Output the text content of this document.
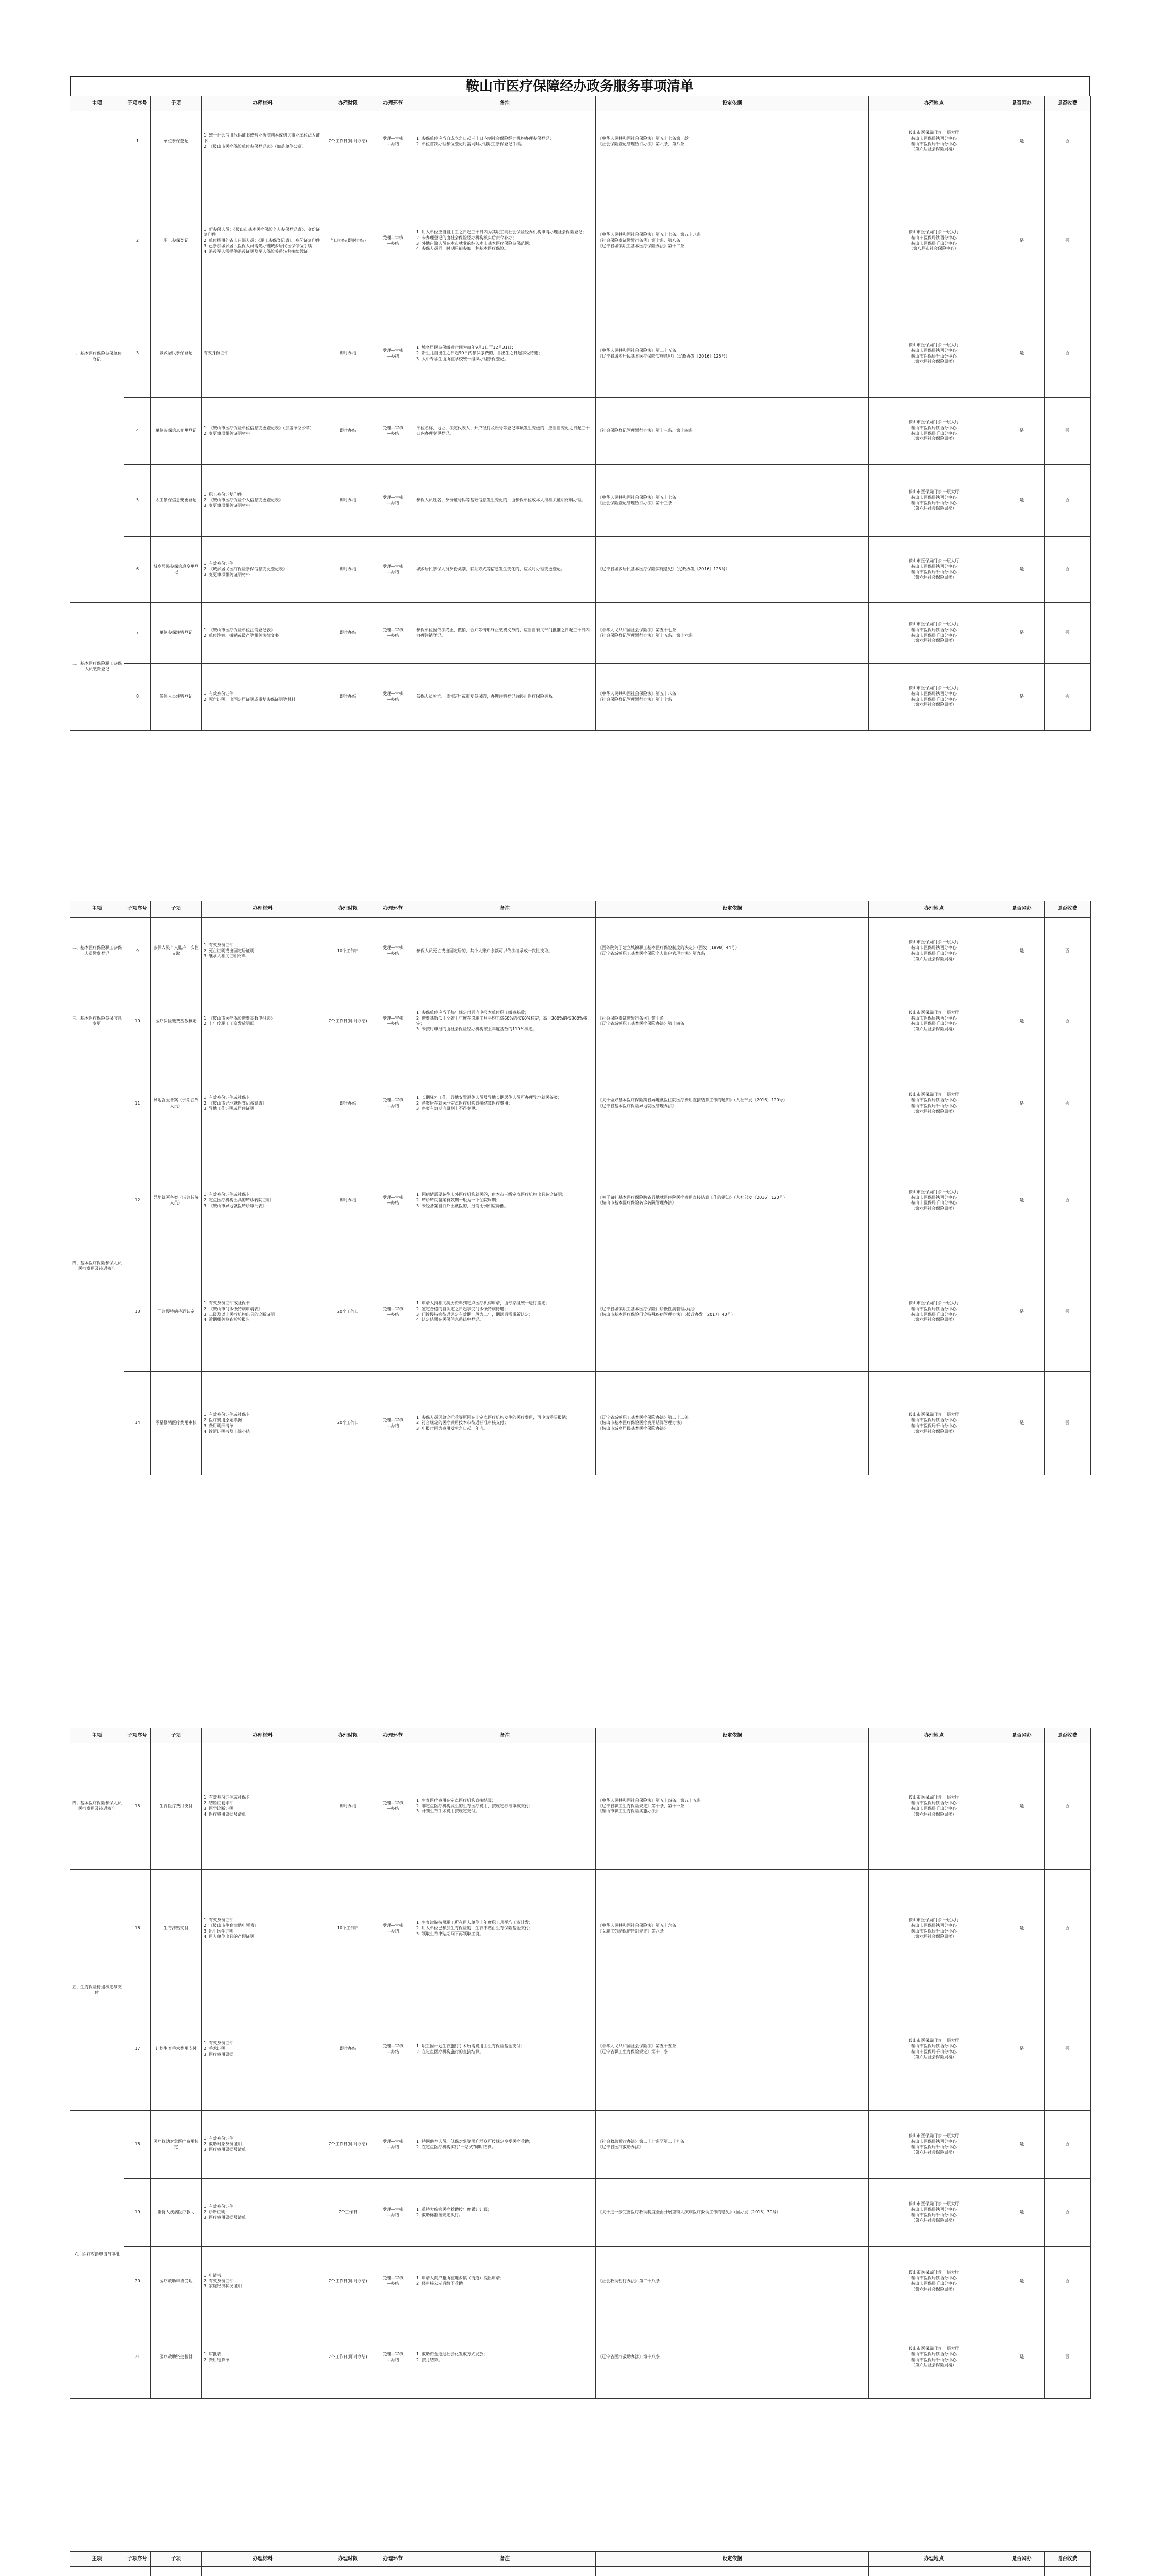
鞍山市医疗保障经办政务服务事项清单
主项	子项序号	子项	办理材料	办理时限	办理环节	备注	设定依据	办理地点	是否网办	是否收费
一、基本医疗保险参保单位登记	1	单位参保登记	1. 统一社会信用代码证书或营业执照副本或机关事业单位法人证书
2. 《鞍山市医疗保险单位参保登记表》（加盖单位公章）	7个工作日(即时办结)	受理—审核
—办结	1. 参保单位应当自成立之日起三十日内到社会保险经办机构办理参保登记；
2. 单位首次办理参保登记时需同时办理职工参保登记手续。	《中华人民共和国社会保险法》第五十七条第一款
《社会保险登记管理暂行办法》第六条、第八条	鞍山市医保局门诊 一层大厅
鞍山市医保局铁西分中心
鞍山市医保局千山分中心
（第六届社会保险局楼）	是	否
	2	职工参保登记	1. 新参保人员：《鞍山市基本医疗保险个人参保登记表》、身份证复印件
2. 单位招用外省市户籍人员：《职工参保登记表》、身份证复印件
3. 已参加城乡居民医保人员需先办理城乡居民医保停保手续
4. 退役军人需提供退役证明及军人保险关系转移接续凭证	当日办结(即时办结)	受理—审核
—办结	1. 用人单位应当自用工之日起三十日内为其职工向社会保险经办机构申请办理社会保险登记；
2. 未办理登记的由社会保险经办机构核实后责令补办；
3. 外地户籍人员在本市就业的纳入本市基本医疗保险参保范围；
4. 参保人员同一时期只能参加一种基本医疗保险。	《中华人民共和国社会保险法》第五十七条、第五十八条
《社会保险费征缴暂行条例》第七条、第八条
《辽宁省城镇职工基本医疗保险办法》第十二条	鞍山市医保局门诊 一层大厅
鞍山市医保局铁西分中心
鞍山市医保局千山分中心
（第八届市社会保险中心）	是	否
	3	城乡居民参保登记	有效身份证件	即时办结	受理—审核
—办结	1. 城乡居民参保缴费时间为每年9月1日至12月31日；
2. 新生儿自出生之日起90日内参保缴费的，自出生之日起享受待遇；
3. 大中专学生由所在学校统一组织办理参保登记。	《中华人民共和国社会保险法》第二十五条
《辽宁省城乡居民基本医疗保险实施意见》（辽政办发〔2016〕125号）	鞍山市医保局门诊 一层大厅
鞍山市医保局铁西分中心
鞍山市医保局千山分中心
（第六届社会保险局楼）	是	否
	4	单位参保信息变更登记	1. 《鞍山市医疗保险单位信息变更登记表》（加盖单位公章）
2. 变更事项相关证明材料	即时办结	受理—审核
—办结	单位名称、地址、法定代表人、开户银行及账号等登记事项发生变更的，应当自变更之日起三十日内办理变更登记。	《社会保险登记管理暂行办法》第十三条、第十四条	鞍山市医保局门诊 一层大厅
鞍山市医保局铁西分中心
鞍山市医保局千山分中心
（第六届社会保险局楼）	是	否
	5	职工参保信息变更登记	1. 职工身份证复印件
2. 《鞍山市医疗保险个人信息变更登记表》
3. 变更事项相关证明材料	即时办结	受理—审核
—办结	参保人员姓名、身份证号码等基础信息发生变更的，由参保单位或本人持相关证明材料办理。	《中华人民共和国社会保险法》第五十七条
《社会保险登记管理暂行办法》第十三条	鞍山市医保局门诊 一层大厅
鞍山市医保局铁西分中心
鞍山市医保局千山分中心
（第六届社会保险局楼）	是	否
	6	城乡居民参保信息变更登记	1. 有效身份证件
2. 《城乡居民医疗保险参保信息变更登记表》
3. 变更事项相关证明材料	即时办结	受理—审核
—办结	城乡居民参保人员身份类别、联系方式等信息发生变化的，应及时办理变更登记。	《辽宁省城乡居民基本医疗保险实施意见》（辽政办发〔2016〕125号）	鞍山市医保局门诊 一层大厅
鞍山市医保局铁西分中心
鞍山市医保局千山分中心
（第六届社会保险局楼）	是	否
二、基本医疗保险职工参保人员缴费登记	7	单位参保注销登记	1. 《鞍山市医疗保险单位注销登记表》
2. 单位注销、撤销或破产等相关法律文书	即时办结	受理—审核
—办结	参保单位因依法终止、撤销、合并等情形终止缴费义务的，应当自有关部门批准之日起三十日内办理注销登记。	《中华人民共和国社会保险法》第五十七条
《社会保险登记管理暂行办法》第十五条、第十六条	鞍山市医保局门诊 一层大厅
鞍山市医保局铁西分中心
鞍山市医保局千山分中心
（第六届社会保险局楼）	是	否
	8	参保人员注销登记	1. 有效身份证件
2. 死亡证明、出国定居证明或重复参保证明等材料	即时办结	受理—审核
—办结	参保人员死亡、出国定居或重复参保的，办理注销登记后终止医疗保险关系。	《中华人民共和国社会保险法》第五十八条
《社会保险登记管理暂行办法》第十七条	鞍山市医保局门诊 一层大厅
鞍山市医保局铁西分中心
鞍山市医保局千山分中心
（第六届社会保险局楼）	是	否
主项	子项序号	子项	办理材料	办理时限	办理环节	备注	设定依据	办理地点	是否网办	是否收费
二、基本医疗保险职工参保人员缴费登记	9	参保人员个人账户一次性支取	1. 有效身份证件
2. 死亡证明或出国定居证明
3. 继承人相关证明材料	10个工作日	受理—审核
—办结	参保人员死亡或出国定居的，其个人账户余额可以依法继承或一次性支取。	《国务院关于建立城镇职工基本医疗保险制度的决定》（国发〔1998〕44号）
《辽宁省城镇职工基本医疗保险个人账户管理办法》第九条	鞍山市医保局门诊 一层大厅
鞍山市医保局铁西分中心
鞍山市医保局千山分中心
（第六届社会保险局楼）	是	否
三、基本医疗保险参保信息变更	10	医疗保险缴费基数核定	1. 《鞍山市医疗保险缴费基数申报表》
2. 上年度职工工资发放明细	7个工作日(即时办结)	受理—审核
—办结	1. 参保单位应当于每年规定时间内申报本单位职工缴费基数；
2. 缴费基数低于全省上年度在岗职工月平均工资60%的按60%核定，高于300%的按300%核定；
3. 未按时申报的由社会保险经办机构按上年度基数的110%核定。	《社会保险费征缴暂行条例》第十条
《辽宁省城镇职工基本医疗保险办法》第十四条	鞍山市医保局门诊 一层大厅
鞍山市医保局铁西分中心
鞍山市医保局千山分中心
（第六届社会保险局楼）	是	否
四、基本医疗保险参保人员医疗费用及待遇核准	11	异地就医备案（长期驻外人员）	1. 有效身份证件或社保卡
2. 《鞍山市异地就医登记备案表》
3. 异地工作证明或居住证明	即时办结	受理—审核
—办结	1. 长期驻外工作、异地安置退休人员及异地长期居住人员可办理异地就医备案；
2. 备案后在就医地定点医疗机构直接结算医疗费用；
3. 备案有效期内原则上不得变更。	《关于做好基本医疗保险跨省异地就医住院医疗费用直接结算工作的通知》（人社部发〔2016〕120号）
《辽宁省基本医疗保险异地就医管理办法》	鞍山市医保局门诊 一层大厅
鞍山市医保局铁西分中心
鞍山市医保局千山分中心
（第六届社会保险局楼）	是	否
	12	异地就医备案（转诊转院人员）	1. 有效身份证件或社保卡
2. 定点医疗机构出具的转诊转院证明
3. 《鞍山市异地就医转诊审批表》	即时办结	受理—审核
—办结	1. 因病情需要转往市外医疗机构就医的，由本市三级定点医疗机构出具转诊证明；
2. 转诊转院备案有效期一般为一个住院周期；
3. 未经备案自行外出就医的，报销比例相应降低。	《关于做好基本医疗保险跨省异地就医住院医疗费用直接结算工作的通知》（人社部发〔2016〕120号）
《鞍山市基本医疗保险转诊转院管理办法》	鞍山市医保局门诊 一层大厅
鞍山市医保局铁西分中心
鞍山市医保局千山分中心
（第六届社会保险局楼）	是	否
	13	门诊慢特病待遇认定	1. 有效身份证件或社保卡
2. 《鞍山市门诊慢特病申请表》
3. 二级及以上医疗机构出具的诊断证明
4. 近期相关检查检验报告	20个工作日	受理—审核
—办结	1. 申请人持相关病历资料到定点医疗机构申请，由专家组统一进行鉴定；
2. 鉴定合格的自认定之日起享受门诊慢特病待遇；
3. 门诊慢特病待遇认定有效期一般为二年，期满后需重新认定；
4. 认定结果在医保信息系统中登记。	《辽宁省城镇职工基本医疗保险门诊慢性病管理办法》
《鞍山市基本医疗保险门诊特殊疾病管理办法》（鞍政办发〔2017〕40号）	鞍山市医保局门诊 一层大厅
鞍山市医保局铁西分中心
鞍山市医保局千山分中心
（第六届社会保险局楼）	是	否
	14	零星报销医疗费用审核	1. 有效身份证件或社保卡
2. 医疗费用原始票据
3. 费用明细清单
4. 诊断证明书及出院小结	20个工作日	受理—审核
—办结	1. 参保人员因急诊抢救等原因在非定点医疗机构发生的医疗费用，可申请零星报销；
2. 符合规定的医疗费用按本市待遇标准审核支付；
3. 申报时间为费用发生之日起一年内。	《辽宁省城镇职工基本医疗保险办法》第二十二条
《鞍山市基本医疗保险医疗费用结算管理办法》
《鞍山市城乡居民基本医疗保险办法》	鞍山市医保局门诊 一层大厅
鞍山市医保局铁西分中心
鞍山市医保局千山分中心
（第六届社会保险局楼）	是	否
主项	子项序号	子项	办理材料	办理时限	办理环节	备注	设定依据	办理地点	是否网办	是否收费
四、基本医疗保险参保人员医疗费用及待遇核准	15	生育医疗费用支付	1. 有效身份证件或社保卡
2. 结婚证复印件
3. 医学诊断证明
4. 医疗费用票据及清单	即时办结	受理—审核
—办结	1. 生育医疗费用在定点医疗机构直接结算；
2. 非定点医疗机构发生的生育医疗费用，按规定标准审核支付；
3. 计划生育手术费用按规定支付。	《中华人民共和国社会保险法》第五十四条、第五十五条
《辽宁省职工生育保险规定》第十条、第十一条
《鞍山市职工生育保险实施办法》	鞍山市医保局门诊 一层大厅
鞍山市医保局铁西分中心
鞍山市医保局千山分中心
（第六届社会保险局楼）	是	否
五、生育保险待遇核定与支付	16	生育津贴支付	1. 有效身份证件
2. 《鞍山市生育津贴申领表》
3. 出生医学证明
4. 用人单位出具的产假证明	10个工作日	受理—审核
—办结	1. 生育津贴按照职工所在用人单位上年度职工月平均工资计发；
2. 用人单位已参加生育保险的，生育津贴由生育保险基金支付；
3. 领取生育津贴期间不再领取工资。	《中华人民共和国社会保险法》第五十六条
《女职工劳动保护特别规定》第八条	鞍山市医保局门诊 一层大厅
鞍山市医保局铁西分中心
鞍山市医保局千山分中心
（第六届社会保险局楼）	是	否
	17	计划生育手术费用支付	1. 有效身份证件
2. 手术证明
3. 医疗费用票据	即时办结	受理—审核
—办结	1. 职工因计划生育施行手术所需费用由生育保险基金支付；
2. 在定点医疗机构施行的直接结算。	《中华人民共和国社会保险法》第五十五条
《辽宁省职工生育保险规定》第十二条	鞍山市医保局门诊 一层大厅
鞍山市医保局铁西分中心
鞍山市医保局千山分中心
（第六届社会保险局楼）	是	否
六、医疗救助申请与审批	18	医疗救助对象医疗费用核定	1. 有效身份证件
2. 救助对象身份证明
3. 医疗费用票据及清单	7个工作日(即时办结)	受理—审核
—办结	1. 特困供养人员、低保对象等困难群众可按规定享受医疗救助；
2. 在定点医疗机构实行"一站式"即时结算。	《社会救助暂行办法》第二十七条至第二十九条
《辽宁省医疗救助办法》	鞍山市医保局门诊 一层大厅
鞍山市医保局铁西分中心
鞍山市医保局千山分中心
（第六届社会保险局楼）	是	否
	19	重特大疾病医疗救助	1. 有效身份证件
2. 诊断证明
3. 医疗费用票据及清单	7个工作日	受理—审核
—办结	1. 重特大疾病医疗救助按年度累计计算；
2. 救助标准按规定执行。	《关于进一步完善医疗救助制度全面开展重特大疾病医疗救助工作的意见》（国办发〔2015〕30号）	鞍山市医保局门诊 一层大厅
鞍山市医保局铁西分中心
鞍山市医保局千山分中心
（第六届社会保险局楼）	是	否
	20	医疗救助申请受理	1. 申请书
2. 有效身份证件
3. 家庭经济状况证明	7个工作日(即时办结)	受理—审核
—办结	1. 申请人向户籍所在地乡镇（街道）提出申请；
2. 经审核公示后给予救助。	《社会救助暂行办法》第二十八条	鞍山市医保局门诊 一层大厅
鞍山市医保局铁西分中心
鞍山市医保局千山分中心
（第六届社会保险局楼）	是	否
	21	医疗救助资金拨付	1. 审批表
2. 费用结算单	7个工作日(即时办结)	受理—审核
—办结	1. 救助资金通过社会化发放方式发放；
2. 按月结算。	《辽宁省医疗救助办法》第十八条	鞍山市医保局门诊 一层大厅
鞍山市医保局铁西分中心
鞍山市医保局千山分中心
（第六届社会保险局楼）	是	否
主项	子项序号	子项	办理材料	办理时限	办理环节	备注	设定依据	办理地点	是否网办	是否收费
